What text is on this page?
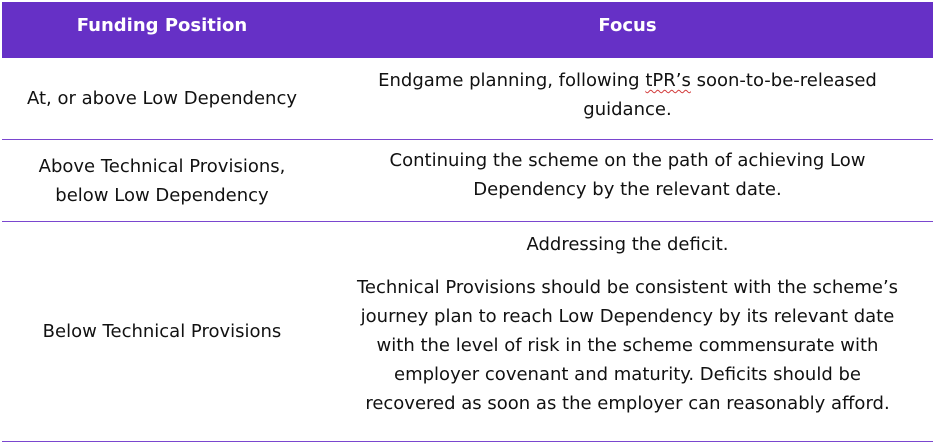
Funding Position	Focus
At, or above Low Dependency
Endgame planning, following tPR’s soon-to-be-released
guidance.
Above Technical Provisions,
below Low Dependency
Continuing the scheme on the path of achieving Low
Dependency by the relevant date.
Below Technical Provisions
Addressing the deficit.
Technical Provisions should be consistent with the scheme’s
journey plan to reach Low Dependency by its relevant date
with the level of risk in the scheme commensurate with
employer covenant and maturity. Deficits should be
recovered as soon as the employer can reasonably afford.
